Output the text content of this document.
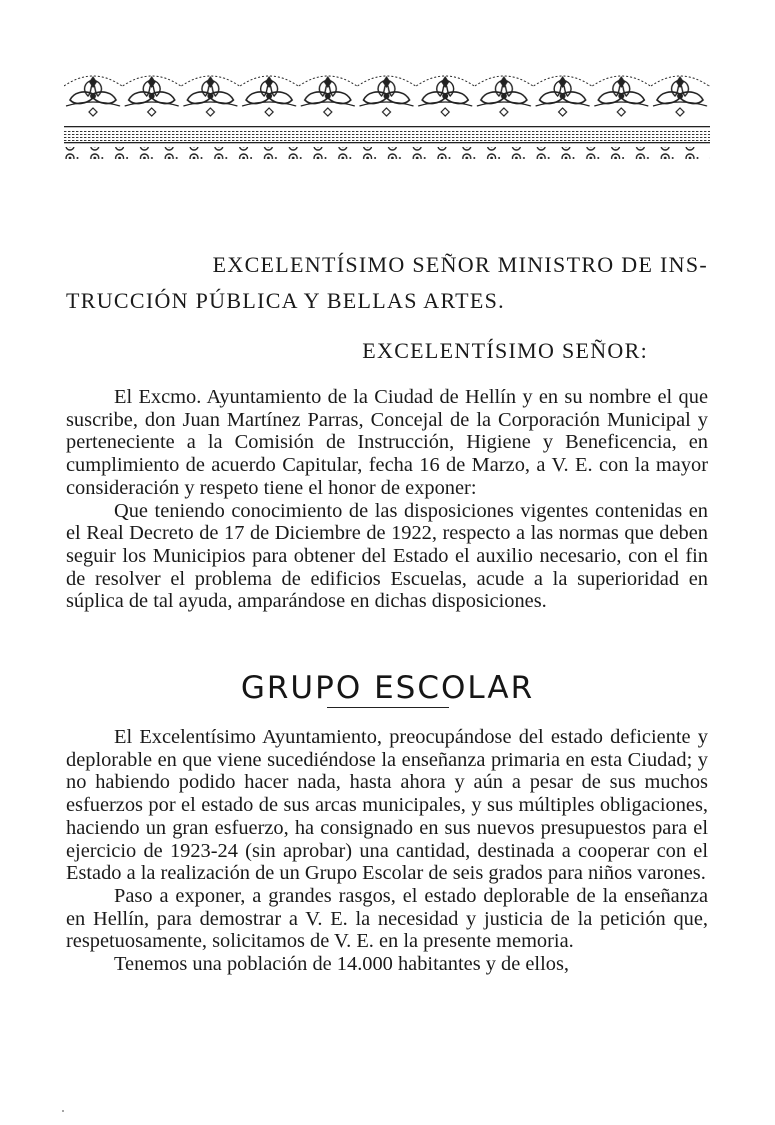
EXCELENTÍSIMO SEÑOR MINISTRO DE INS-
TRUCCIÓN PÚBLICA Y BELLAS ARTES.
EXCELENTÍSIMO SEÑOR:

El Excmo. Ayuntamiento de la Ciudad de Hellín y en su nombre el que suscribe, don Juan Martínez Parras, Concejal de la Corporación Municipal y perteneciente a la Comisión de Instrucción, Higiene y Beneficencia, en cumplimiento de acuerdo Capitular, fecha 16 de Marzo, a V. E. con la mayor consideración y respeto tiene el honor de exponer:

Que teniendo conocimiento de las disposiciones vigentes contenidas en el Real Decreto de 17 de Diciembre de 1922, respecto a las normas que deben seguir los Municipios para obtener del Estado el auxilio necesario, con el fin de resolver el problema de edificios Escuelas, acude a la superioridad en súplica de tal ayuda, amparándose en dichas disposiciones.

GRUPO ESCOLAR

El Excelentísimo Ayuntamiento, preocupándose del estado deficiente y deplorable en que viene sucediéndose la enseñanza primaria en esta Ciudad; y no habiendo podido hacer nada, hasta ahora y aún a pesar de sus muchos esfuerzos por el estado de sus arcas municipales, y sus múltiples obligaciones, haciendo un gran esfuerzo, ha consignado en sus nuevos presupuestos para el ejercicio de 1923-24 (sin aprobar) una cantidad, destinada a cooperar con el Estado a la realización de un Grupo Escolar de seis grados para niños varones.

Paso a exponer, a grandes rasgos, el estado deplorable de la enseñanza en Hellín, para demostrar a V. E. la necesidad y justicia de la petición que, respetuosamente, solicitamos de V. E. en la presente memoria.

Tenemos una población de 14.000 habitantes y de ellos,
